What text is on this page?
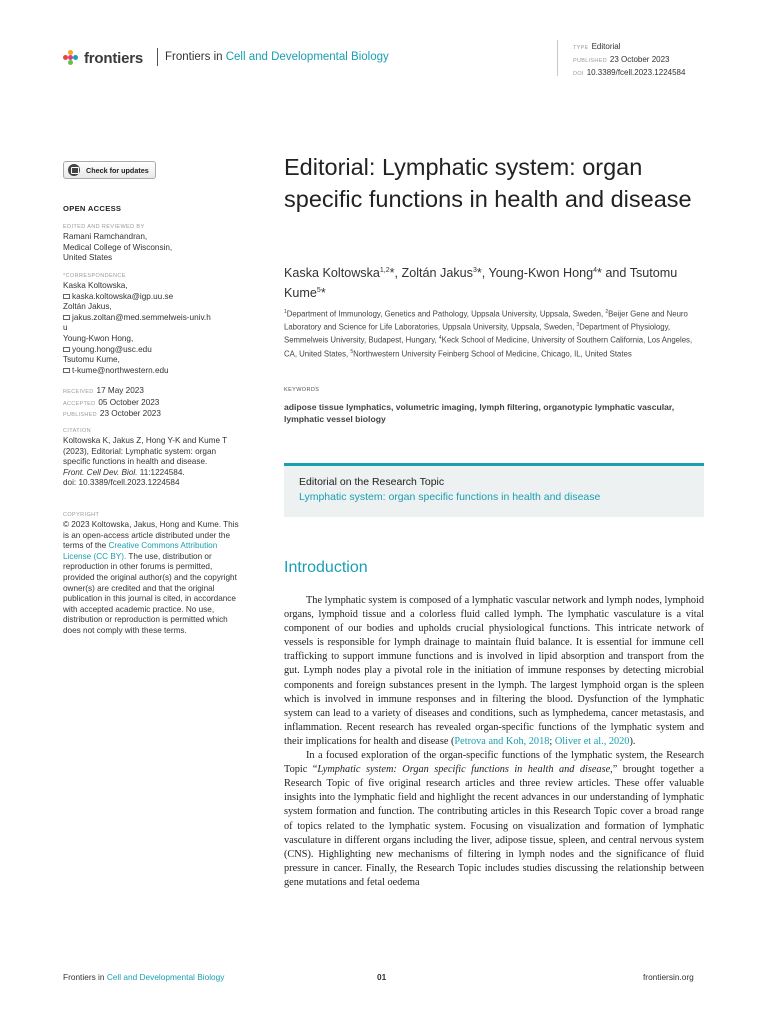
frontiers Frontiers in Cell and Developmental Biology
TYPE Editorial
PUBLISHED 23 October 2023
DOI 10.3389/fcell.2023.1224584
Check for updates
OPEN ACCESS
EDITED AND REVIEWED BY
Ramani Ramchandran,
Medical College of Wisconsin,
United States
*CORRESPONDENCE
Kaska Koltowska,
kaska.koltowska@igp.uu.se
Zoltán Jakus,
jakus.zoltan@med.semmelweis-univ.hu
Young-Kwon Hong,
young.hong@usc.edu
Tsutomu Kume,
t-kume@northwestern.edu
RECEIVED 17 May 2023
ACCEPTED 05 October 2023
PUBLISHED 23 October 2023
CITATION
Koltowska K, Jakus Z, Hong Y-K and Kume T (2023), Editorial: Lymphatic system: organ specific functions in health and disease.
Front. Cell Dev. Biol. 11:1224584.
doi: 10.3389/fcell.2023.1224584
COPYRIGHT
© 2023 Koltowska, Jakus, Hong and Kume. This is an open-access article distributed under the terms of the Creative Commons Attribution License (CC BY). The use, distribution or reproduction in other forums is permitted, provided the original author(s) and the copyright owner(s) are credited and that the original publication in this journal is cited, in accordance with accepted academic practice. No use, distribution or reproduction is permitted which does not comply with these terms.
Editorial: Lymphatic system: organ specific functions in health and disease
Kaska Koltowska$^{1,2}$*, Zoltán Jakus$^3$*, Young-Kwon Hong$^4$* and Tsutomu Kume$^5$*
$^1$Department of Immunology, Genetics and Pathology, Uppsala University, Uppsala, Sweden, $^2$Beijer Gene and Neuro Laboratory and Science for Life Laboratories, Uppsala University, Uppsala, Sweden, $^3$Department of Physiology, Semmelweis University, Budapest, Hungary, $^4$Keck School of Medicine, University of Southern California, Los Angeles, CA, United States, $^5$Northwestern University Feinberg School of Medicine, Chicago, IL, United States
KEYWORDS
adipose tissue lymphatics, volumetric imaging, lymph filtering, organotypic lymphatic vascular, lymphatic vessel biology
Editorial on the Research Topic
Lymphatic system: organ specific functions in health and disease
Introduction

The lymphatic system is composed of a lymphatic vascular network and lymph nodes, lymphoid organs, lymphoid tissue and a colorless fluid called lymph. The lymphatic vasculature is a vital component of our bodies and upholds crucial physiological functions. This intricate network of vessels is responsible for lymph drainage to maintain fluid balance. It is essential for immune cell trafficking to support immune functions and is involved in lipid absorption and transport from the gut. Lymph nodes play a pivotal role in the initiation of immune responses by detecting microbial components and foreign substances present in the lymph. The largest lymphoid organ is the spleen which is involved in immune responses and in filtering the blood. Dysfunction of the lymphatic system can lead to a variety of diseases and conditions, such as lymphedema, cancer metastasis, and inflammation. Recent research has revealed organ-specific functions of the lymphatic system and their implications for health and disease (Petrova and Koh, 2018; Oliver et al., 2020).

In a focused exploration of the organ-specific functions of the lymphatic system, the Research Topic “Lymphatic system: Organ specific functions in health and disease,” brought together a Research Topic of five original research articles and three review articles. These offer valuable insights into the lymphatic field and highlight the recent advances in our understanding of lymphatic system formation and function. The contributing articles in this Research Topic cover a broad range of topics related to the lymphatic system. Focusing on visualization and formation of lymphatic vasculature in different organs including the liver, adipose tissue, spleen, and central nervous system (CNS). Highlighting new mechanisms of filtering in lymph nodes and the significance of fluid pressure in cancer. Finally, the Research Topic includes studies discussing the relationship between gene mutations and fetal oedema

Frontiers in Cell and Developmental Biology	01	frontiersin.org
